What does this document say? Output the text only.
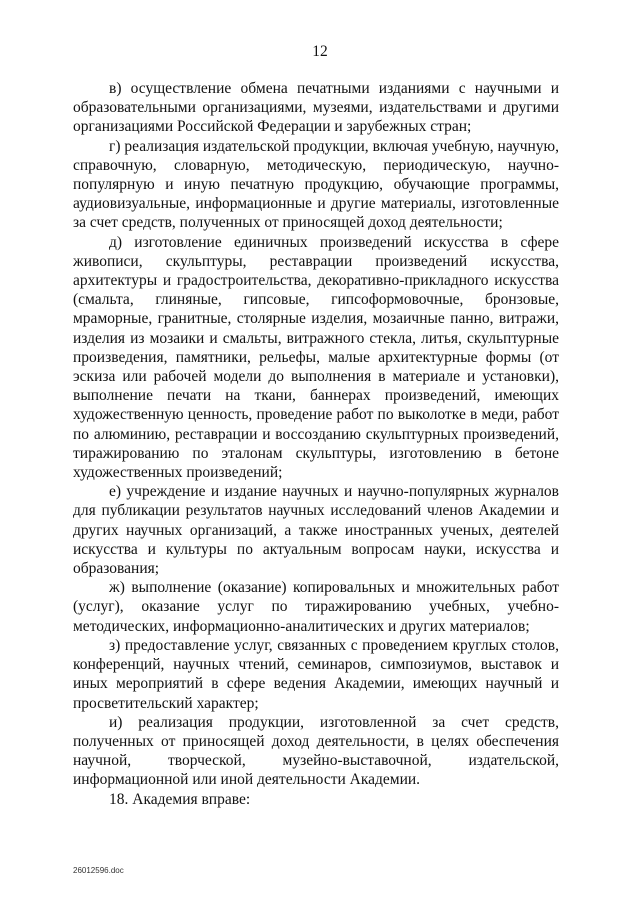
12

в) осуществление обмена печатными изданиями с научными и образовательными организациями, музеями, издательствами и другими организациями Российской Федерации и зарубежных стран;

г) реализация издательской продукции, включая учебную, научную, справочную, словарную, методическую, периодическую, научно-популярную и иную печатную продукцию, обучающие программы, аудиовизуальные, информационные и другие материалы, изготовленные за счет средств, полученных от приносящей доход деятельности;

д) изготовление единичных произведений искусства в сфере живописи, скульптуры, реставрации произведений искусства, архитектуры и градостроительства, декоративно-прикладного искусства (смальта, глиняные, гипсовые, гипсоформовочные, бронзовые, мраморные, гранитные, столярные изделия, мозаичные панно, витражи, изделия из мозаики и смальты, витражного стекла, литья, скульптурные произведения, памятники, рельефы, малые архитектурные формы (от эскиза или рабочей модели до выполнения в материале и установки), выполнение печати на ткани, баннерах произведений, имеющих художественную ценность, проведение работ по выколотке в меди, работ по алюминию, реставрации и воссозданию скульптурных произведений, тиражированию по эталонам скульптуры, изготовлению в бетоне художественных произведений;

е) учреждение и издание научных и научно-популярных журналов для публикации результатов научных исследований членов Академии и других научных организаций, а также иностранных ученых, деятелей искусства и культуры по актуальным вопросам науки, искусства и образования;

ж) выполнение (оказание) копировальных и множительных работ (услуг), оказание услуг по тиражированию учебных, учебно-методических, информационно-аналитических и других материалов;

з) предоставление услуг, связанных с проведением круглых столов, конференций, научных чтений, семинаров, симпозиумов, выставок и иных мероприятий в сфере ведения Академии, имеющих научный и просветительский характер;

и) реализация продукции, изготовленной за счет средств, полученных от приносящей доход деятельности, в целях обеспечения научной, творческой, музейно-выставочной, издательской, информационной или иной деятельности Академии.

18. Академия вправе:

26012596.doc
